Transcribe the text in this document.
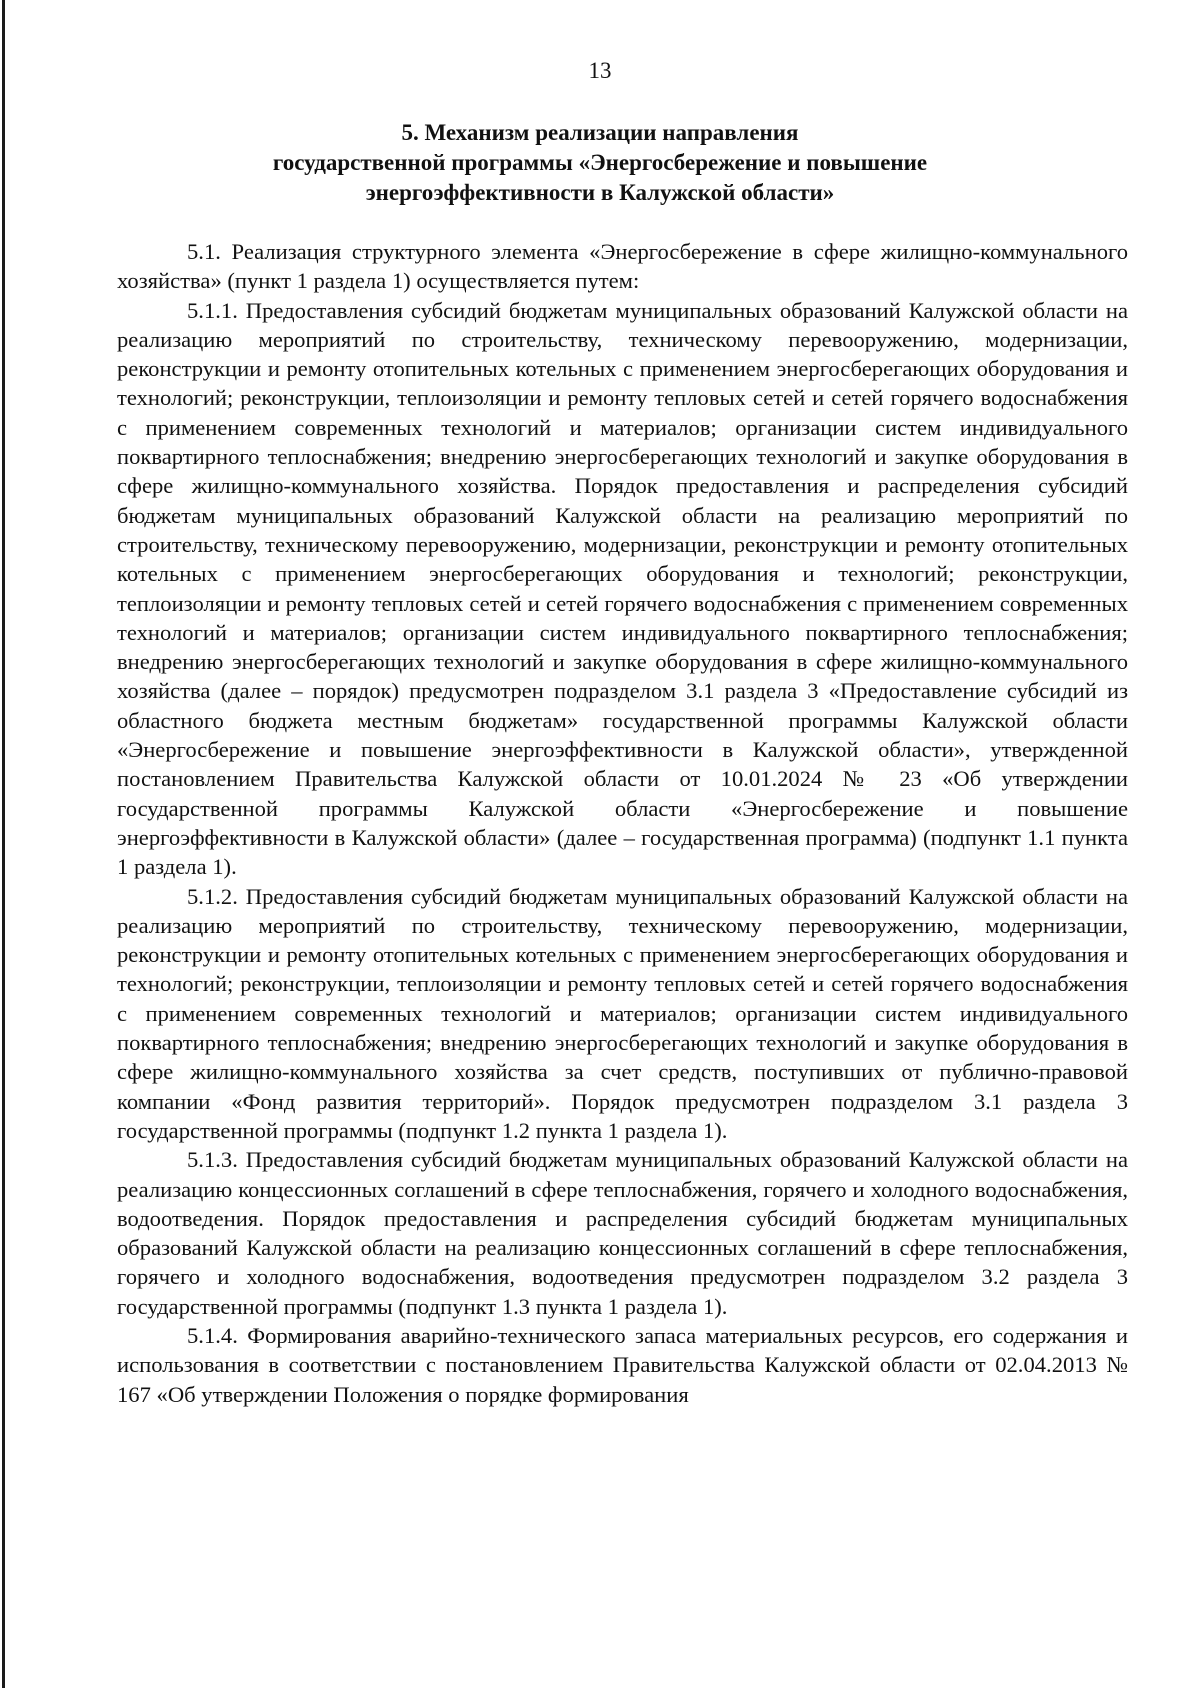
13
5. Механизм реализации направления
государственной программы «Энергосбережение и повышение
энергоэффективности в Калужской области»

5.1. Реализация структурного элемента «Энергосбережение в сфере жилищно-коммунального хозяйства» (пункт 1 раздела 1) осуществляется путем:

5.1.1. Предоставления субсидий бюджетам муниципальных образований Калужской области на реализацию мероприятий по строительству, техническому перевооружению, модернизации, реконструкции и ремонту отопительных котельных с применением энергосберегающих оборудования и технологий; реконструкции, теплоизоляции и ремонту тепловых сетей и сетей горячего водоснабжения с применением современных технологий и материалов; организации систем индивидуального поквартирного теплоснабжения; внедрению энергосберегающих технологий и закупке оборудования в сфере жилищно-коммунального хозяйства. Порядок предоставления и распределения субсидий бюджетам муниципальных образований Калужской области на реализацию мероприятий по строительству, техническому перевооружению, модернизации, реконструкции и ремонту отопительных котельных с применением энергосберегающих оборудования и технологий; реконструкции, теплоизоляции и ремонту тепловых сетей и сетей горячего водоснабжения с применением современных технологий и материалов; организации систем индивидуального поквартирного теплоснабжения; внедрению энергосберегающих технологий и закупке оборудования в сфере жилищно-коммунального хозяйства (далее – порядок) предусмотрен подразделом 3.1 раздела 3 «Предоставление субсидий из областного бюджета местным бюджетам» государственной программы Калужской области «Энергосбережение и повышение энергоэффективности в Калужской области», утвержденной постановлением Правительства Калужской области от 10.01.2024 № 23 «Об утверждении государственной программы Калужской области «Энергосбережение и повышение энергоэффективности в Калужской области» (далее – государственная программа) (подпункт 1.1 пункта 1 раздела 1).

5.1.2. Предоставления субсидий бюджетам муниципальных образований Калужской области на реализацию мероприятий по строительству, техническому перевооружению, модернизации, реконструкции и ремонту отопительных котельных с применением энергосберегающих оборудования и технологий; реконструкции, теплоизоляции и ремонту тепловых сетей и сетей горячего водоснабжения с применением современных технологий и материалов; организации систем индивидуального поквартирного теплоснабжения; внедрению энергосберегающих технологий и закупке оборудования в сфере жилищно-коммунального хозяйства за счет средств, поступивших от публично-правовой компании «Фонд развития территорий». Порядок предусмотрен подразделом 3.1 раздела 3 государственной программы (подпункт 1.2 пункта 1 раздела 1).

5.1.3. Предоставления субсидий бюджетам муниципальных образований Калужской области на реализацию концессионных соглашений в сфере теплоснабжения, горячего и холодного водоснабжения, водоотведения. Порядок предоставления и распределения субсидий бюджетам муниципальных образований Калужской области на реализацию концессионных соглашений в сфере теплоснабжения, горячего и холодного водоснабжения, водоотведения предусмотрен подразделом 3.2 раздела 3 государственной программы (подпункт 1.3 пункта 1 раздела 1).

5.1.4. Формирования аварийно-технического запаса материальных ресурсов, его содержания и использования в соответствии с постановлением Правительства Калужской области от 02.04.2013 № 167 «Об утверждении Положения о порядке формирования
